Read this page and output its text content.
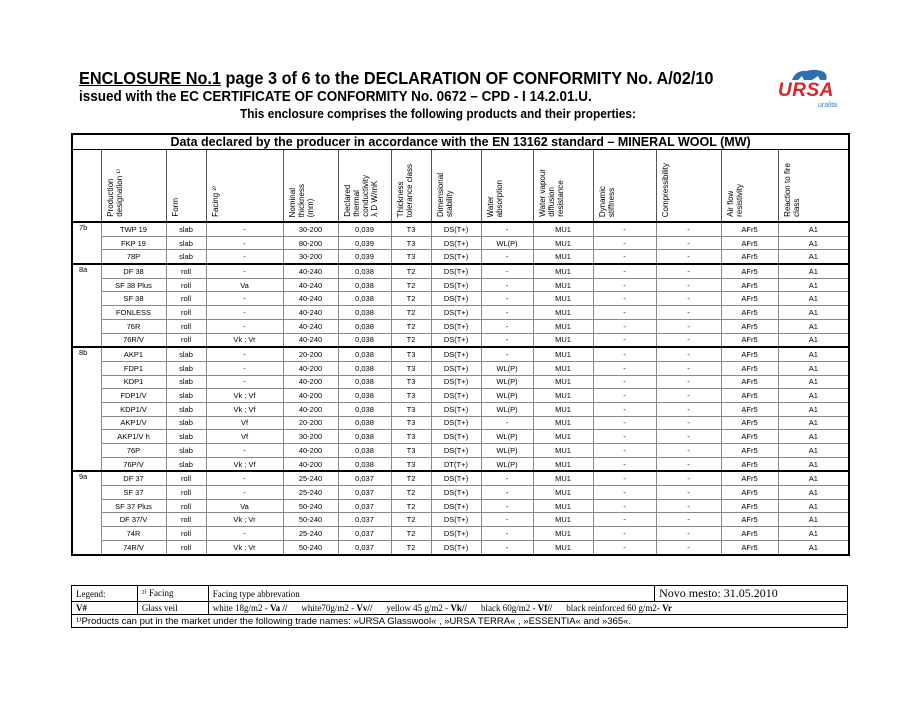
ENCLOSURE No.1 page 3 of 6 to the DECLARATION OF CONFORMITY No. A/02/10
issued with the EC CERTIFICATE OF CONFORMITY No. 0672 – CPD - I 14.2.01.U.
This enclosure comprises the following products and their properties:
URSA
uralita
Data declared by the producer in accordance with the EN 13162 standard – MINERAL WOOL (MW)													

	Production
designation ¹⁾	Form	Facing ²⁾	Nominal
thickness
(mm)	Declared
thermal
conductivity
λ D W/mK	Thickness
tolerance class	Dimensional
stability	Water
absorption	Water vapour
diffusion
resistance	Dynamic
stiffness	Compressibility	Air flow
resistivity	Reaction to fire
class

7b	TWP 19	slab	-	30-200	0,039	T3	DS(T+)	-	MU1	-	-	AFr5	A1
	FKP 19	slab	-	80-200	0,039	T3	DS(T+)	WL(P)	MU1	-	-	AFr5	A1
	78P	slab	-	30-200	0,039	T3	DS(T+)	-	MU1	-	-	AFr5	A1
8a	DF 38	roll	-	40-240	0,038	T2	DS(T+)	-	MU1	-	-	AFr5	A1
	SF 38 Plus	roll	Va	40-240	0,038	T2	DS(T+)	-	MU1	-	-	AFr5	A1
	SF 38	roll	-	40-240	0,038	T2	DS(T+)	-	MU1	-	-	AFr5	A1
	FONLESS	roll	-	40-240	0,038	T2	DS(T+)	-	MU1	-	-	AFr5	A1
	76R	roll	-	40-240	0,038	T2	DS(T+)	-	MU1	-	-	AFr5	A1
	76R/V	roll	Vk ; Vr	40-240	0,038	T2	DS(T+)	-	MU1	-	-	AFr5	A1
8b	AKP1	slab	-	20-200	0,038	T3	DS(T+)	-	MU1	-	-	AFr5	A1
	FDP1	slab	-	40-200	0,038	T3	DS(T+)	WL(P)	MU1	-	-	AFr5	A1
	KDP1	slab	-	40-200	0,038	T3	DS(T+)	WL(P)	MU1	-	-	AFr5	A1
	FDP1/V	slab	Vk ; Vf	40-200	0,038	T3	DS(T+)	WL(P)	MU1	-	-	AFr5	A1
	KDP1/V	slab	Vk ; Vf	40-200	0,038	T3	DS(T+)	WL(P)	MU1	-	-	AFr5	A1
	AKP1/V	slab	Vf	20-200	0,038	T3	DS(T+)	-	MU1	-	-	AFr5	A1
	AKP1/V h	slab	Vf	30-200	0,038	T3	DS(T+)	WL(P)	MU1	-	-	AFr5	A1
	76P	slab	-	40-200	0,038	T3	DS(T+)	WL(P)	MU1	-	-	AFr5	A1
	76P/V	slab	Vk ; Vf	40-200	0,038	T3	DT(T+)	WL(P)	MU1	-	-	AFr5	A1
9a	DF 37	roll	-	25-240	0,037	T2	DS(T+)	-	MU1	-	-	AFr5	A1
	SF 37	roll	-	25-240	0,037	T2	DS(T+)	-	MU1	-	-	AFr5	A1
	SF 37 Plus	roll	Va	50-240	0,037	T2	DS(T+)	-	MU1	-	-	AFr5	A1
	DF 37/V	roll	Vk ; Vr	50-240	0,037	T2	DS(T+)	-	MU1	-	-	AFr5	A1
	74R	roll	-	25-240	0,037	T2	DS(T+)	-	MU1	-	-	AFr5	A1
	74R/V	roll	Vk ; Vr	50-240	0,037	T2	DS(T+)	-	MU1	-	-	AFr5	A1
Legend:	²⁾ Facing	Facing type abbrevation	Novo mesto: 31.05.2010
V#	Glass veil	white 18g/m2 - Va // white70g/m2 - Vv// yellow 45 g/m2 - Vk// black 60g/m2 - Vf// black reinforced 60 g/m2- Vr	
¹⁾Products can put in the market under the following trade names: »URSA Glasswool« , »URSA TERRA« , »ESSENTIA« and »365«.			
